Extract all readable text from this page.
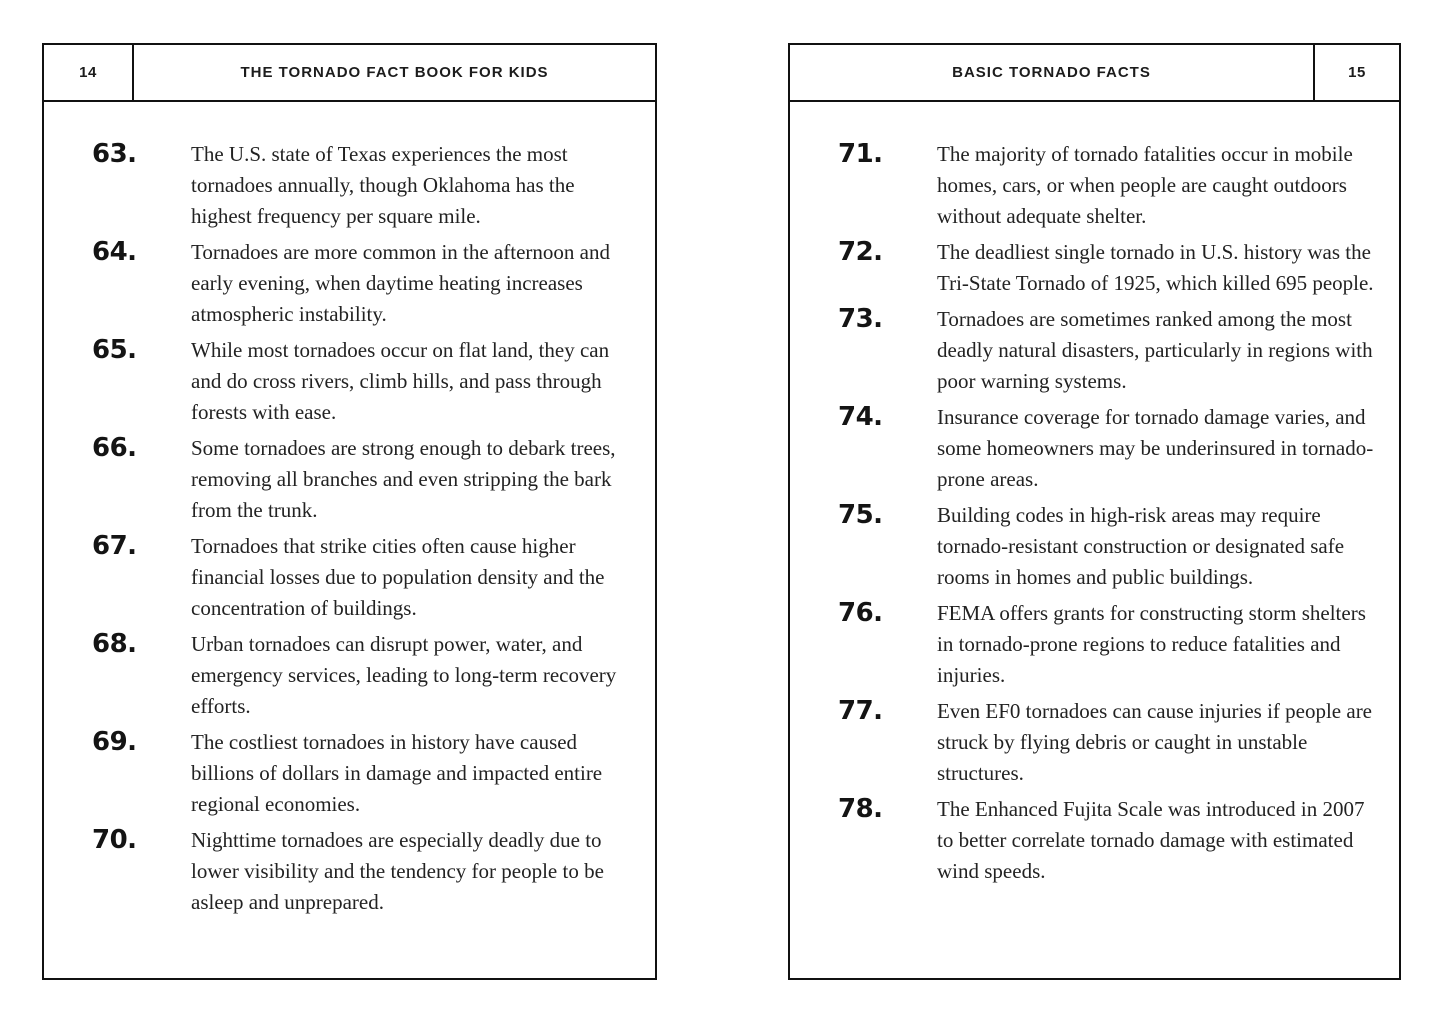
14	THE TORNADO FACT BOOK FOR KIDS
63.	The U.S. state of Texas experiences the most tornadoes annually, though Oklahoma has the highest frequency per square mile.
64.	Tornadoes are more common in the afternoon and early evening, when daytime heating increases atmospheric instability.
65.	While most tornadoes occur on flat land, they can and do cross rivers, climb hills, and pass through forests with ease.
66.	Some tornadoes are strong enough to debark trees, removing all branches and even stripping the bark from the trunk.
67.	Tornadoes that strike cities often cause higher financial losses due to population density and the concentration of buildings.
68.	Urban tornadoes can disrupt power, water, and emergency services, leading to long-term recovery efforts.
69.	The costliest tornadoes in history have caused billions of dollars in damage and impacted entire regional economies.
70.	Nighttime tornadoes are especially deadly due to lower visibility and the tendency for people to be asleep and unprepared.
BASIC TORNADO FACTS	15
71.	The majority of tornado fatalities occur in mobile homes, cars, or when people are caught outdoors without adequate shelter.
72.	The deadliest single tornado in U.S. history was the Tri-State Tornado of 1925, which killed 695 people.
73.	Tornadoes are sometimes ranked among the most deadly natural disasters, particularly in regions with poor warning systems.
74.	Insurance coverage for tornado damage varies, and some homeowners may be underinsured in tornado-prone areas.
75.	Building codes in high-risk areas may require tornado-resistant construction or designated safe rooms in homes and public buildings.
76.	FEMA offers grants for constructing storm shelters in tornado-prone regions to reduce fatalities and injuries.
77.	Even EF0 tornadoes can cause injuries if people are struck by flying debris or caught in unstable structures.
78.	The Enhanced Fujita Scale was introduced in 2007 to better correlate tornado damage with estimated wind speeds.
